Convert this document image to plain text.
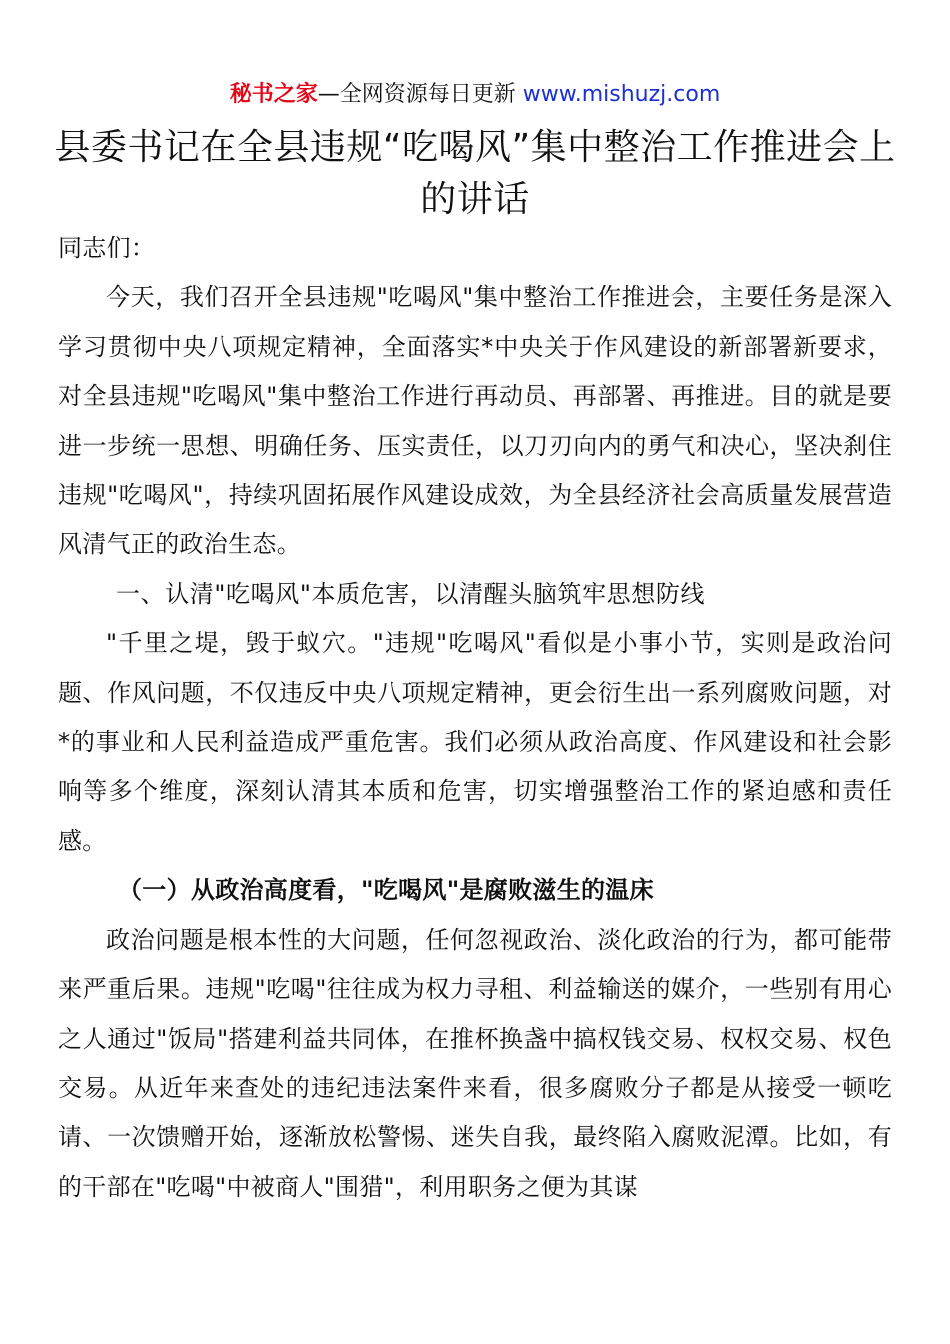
秘书之家—全网资源每日更新 www.mishuzj.com
县委书记在全县违规“吃喝风”集中整治工作推进会上的讲话

同志们：

今天，我们召开全县违规"吃喝风"集中整治工作推进会，主要任务是深入学习贯彻中央八项规定精神，全面落实*中央关于作风建设的新部署新要求，对全县违规"吃喝风"集中整治工作进行再动员、再部署、再推进。目的就是要进一步统一思想、明确任务、压实责任，以刀刃向内的勇气和决心，坚决刹住违规"吃喝风"，持续巩固拓展作风建设成效，为全县经济社会高质量发展营造风清气正的政治生态。

一、认清"吃喝风"本质危害，以清醒头脑筑牢思想防线

"千里之堤，毁于蚁穴。"违规"吃喝风"看似是小事小节，实则是政治问题、作风问题，不仅违反中央八项规定精神，更会衍生出一系列腐败问题，对*的事业和人民利益造成严重危害。我们必须从政治高度、作风建设和社会影响等多个维度，深刻认清其本质和危害，切实增强整治工作的紧迫感和责任感。

（一）从政治高度看，"吃喝风"是腐败滋生的温床

政治问题是根本性的大问题，任何忽视政治、淡化政治的行为，都可能带来严重后果。违规"吃喝"往往成为权力寻租、利益输送的媒介，一些别有用心之人通过"饭局"搭建利益共同体，在推杯换盏中搞权钱交易、权权交易、权色交易。从近年来查处的违纪违法案件来看，很多腐败分子都是从接受一顿吃请、一次馈赠开始，逐渐放松警惕、迷失自我，最终陷入腐败泥潭。比如，有的干部在"吃喝"中被商人"围猎"，利用职务之便为其谋
